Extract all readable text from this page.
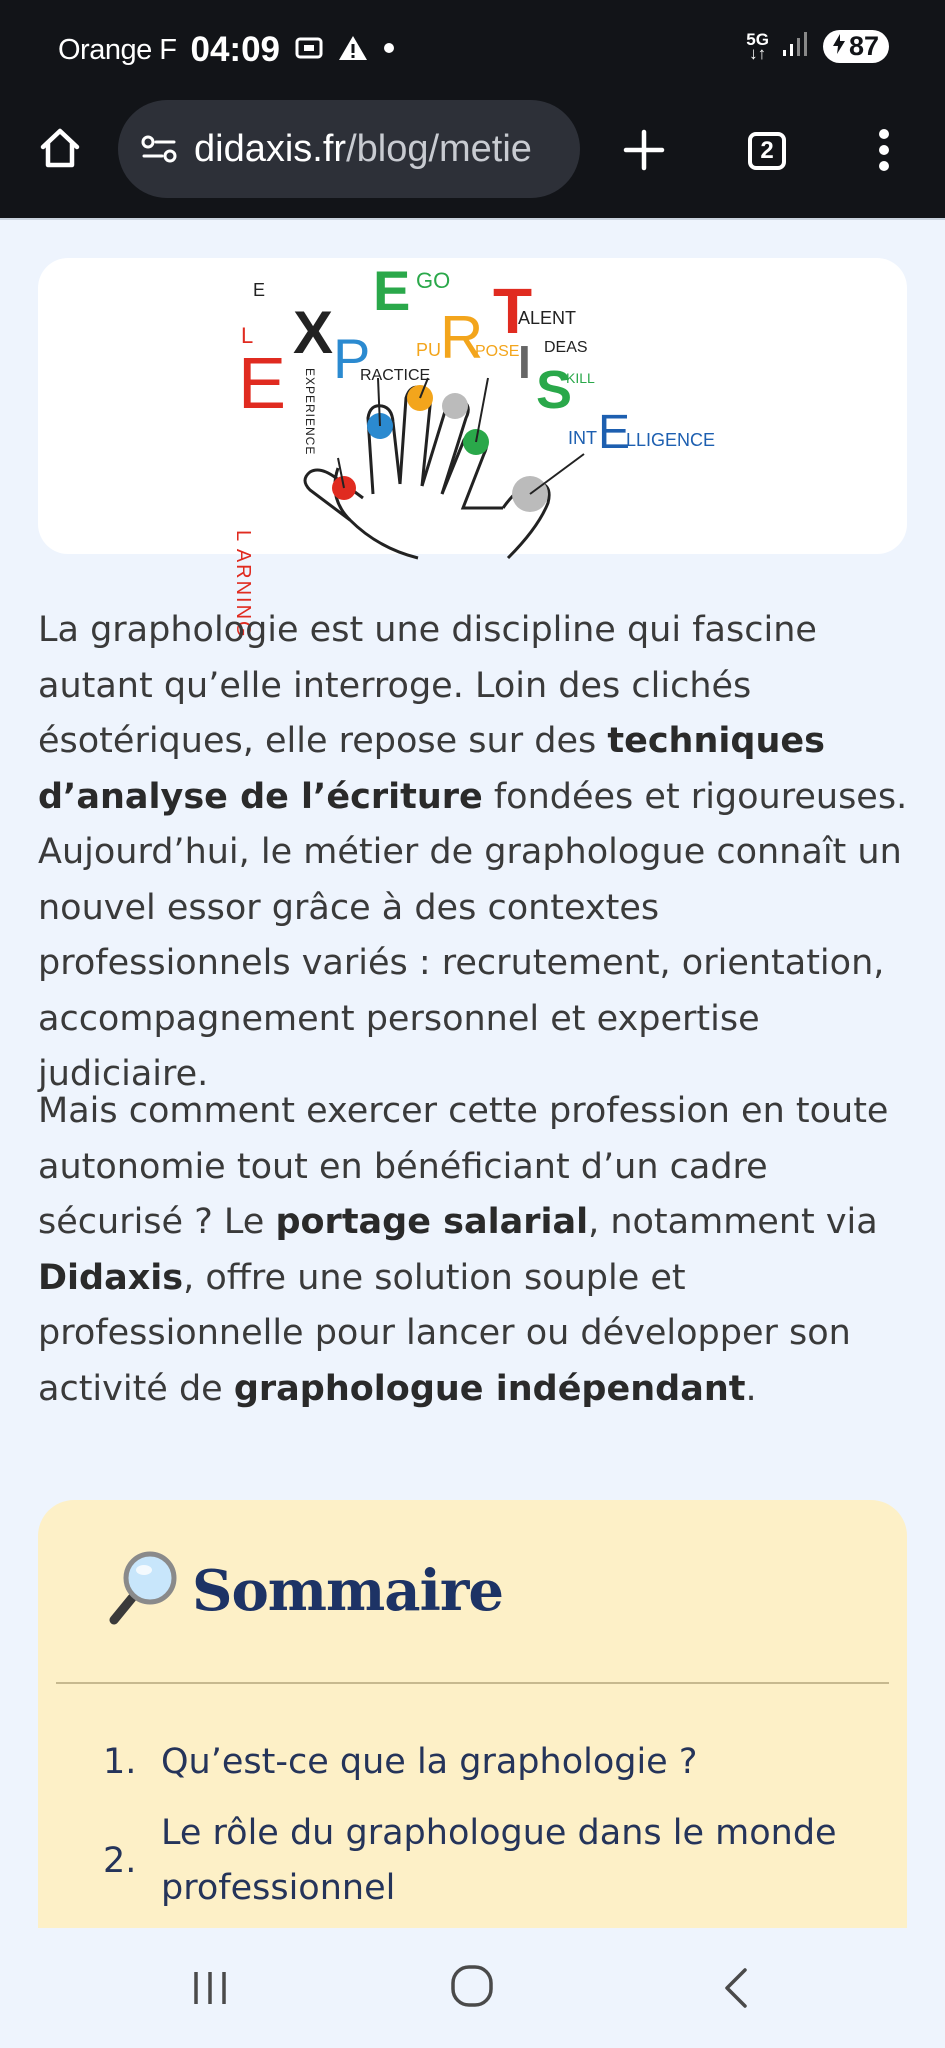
Orange F 04:09	5G
↓↑	87
didaxis.fr/blog/metie	2
E
X
E
L
L ARNING
EXPERIENCE
P
RACTICE
E GO
PU
R
POSE
T
ALENT
I DEAS
S
KILL
INT E
LLIGENCE

La graphologie est une discipline qui fascine autant qu’elle interroge. Loin des clichés ésotériques, elle repose sur des techniques d’analyse de l’écriture fondées et rigoureuses. Aujourd’hui, le métier de graphologue connaît un nouvel essor grâce à des contextes professionnels variés : recrutement, orientation, accompagnement personnel et expertise judiciaire.

Mais comment exercer cette profession en toute autonomie tout en bénéficiant d’un cadre sécurisé ? Le portage salarial, notamment via Didaxis, offre une solution souple et professionnelle pour lancer ou développer son activité de graphologue indépendant.

Sommaire
1. Qu’est-ce que la graphologie ?
2.
Le rôle du graphologue dans le monde professionnel
